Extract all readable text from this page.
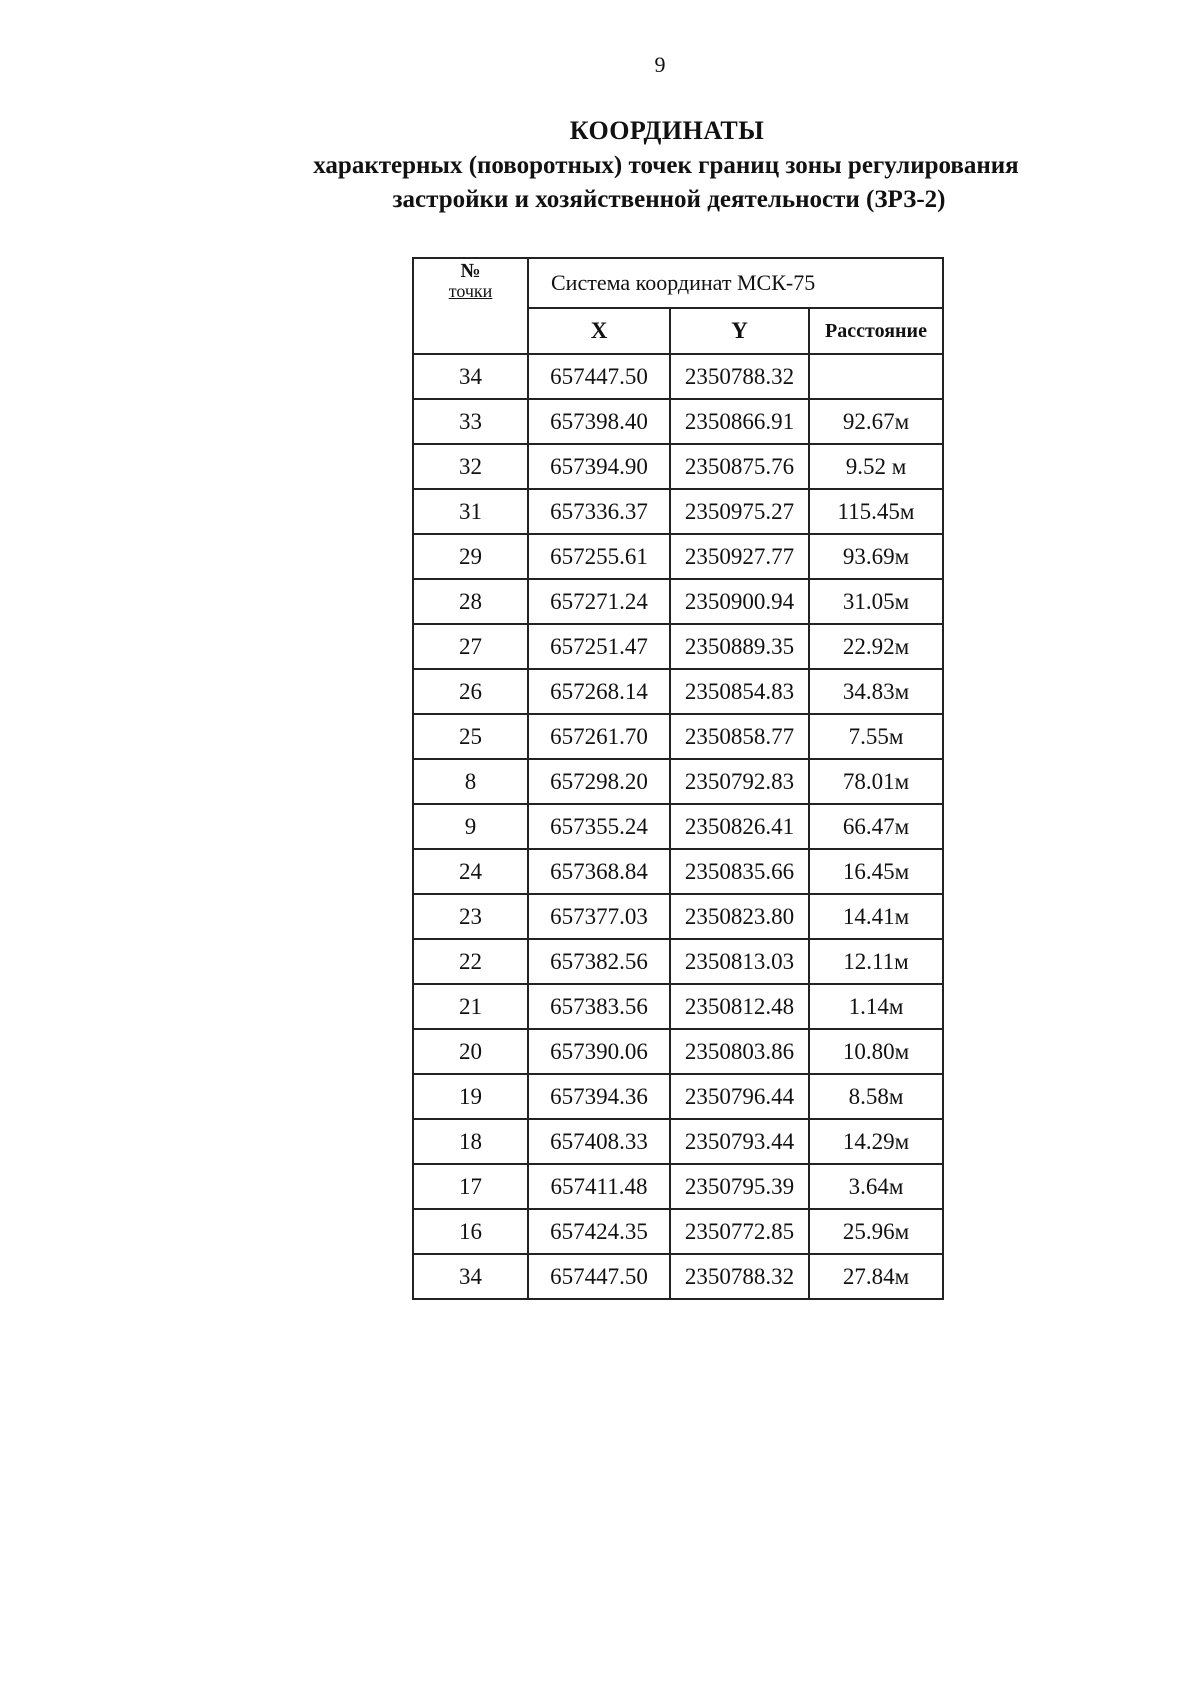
9
КООРДИНАТЫ
характерных (поворотных) точек границ зоны регулирования
застройки и хозяйственной деятельности (ЗРЗ-2)
№
точки	Система координат МСК-75		
	X	Y	Расстояние
34	657447.50	2350788.32	
33	657398.40	2350866.91	92.67м
32	657394.90	2350875.76	9.52 м
31	657336.37	2350975.27	115.45м
29	657255.61	2350927.77	93.69м
28	657271.24	2350900.94	31.05м
27	657251.47	2350889.35	22.92м
26	657268.14	2350854.83	34.83м
25	657261.70	2350858.77	7.55м
8	657298.20	2350792.83	78.01м
9	657355.24	2350826.41	66.47м
24	657368.84	2350835.66	16.45м
23	657377.03	2350823.80	14.41м
22	657382.56	2350813.03	12.11м
21	657383.56	2350812.48	1.14м
20	657390.06	2350803.86	10.80м
19	657394.36	2350796.44	8.58м
18	657408.33	2350793.44	14.29м
17	657411.48	2350795.39	3.64м
16	657424.35	2350772.85	25.96м
34	657447.50	2350788.32	27.84м
